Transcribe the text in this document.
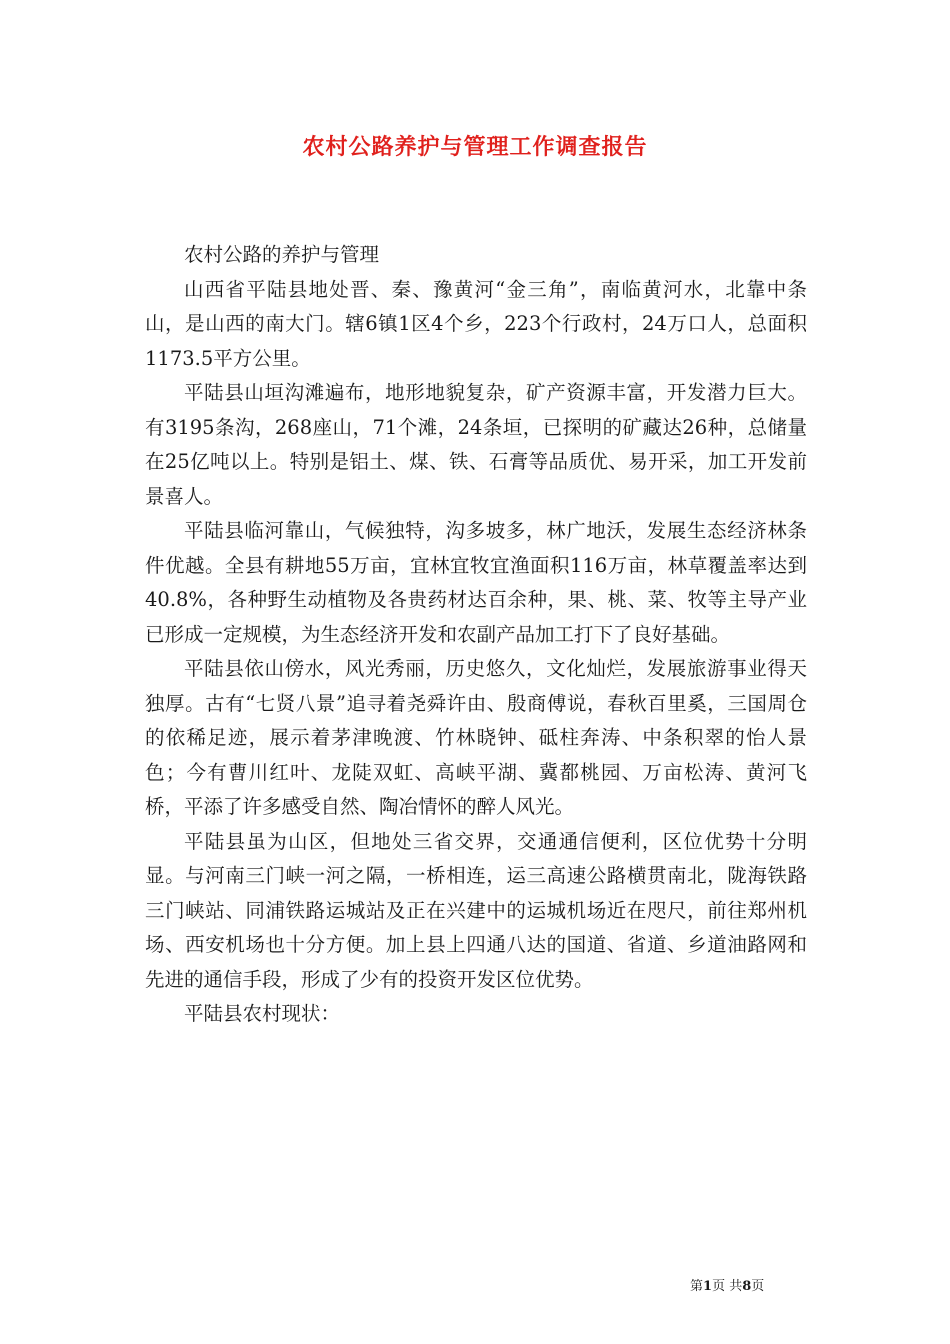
农村公路养护与管理工作调查报告

农村公路的养护与管理

山西省平陆县地处晋、秦、豫黄河“金三角”，南临黄河水，北靠中条山，是山西的南大门。辖6镇1区4个乡，223个行政村，24万口人，总面积1173.5平方公里。

平陆县山垣沟滩遍布，地形地貌复杂，矿产资源丰富，开发潜力巨大。有3195条沟，268座山，71个滩，24条垣，已探明的矿藏达26种，总储量在25亿吨以上。特别是铝土、煤、铁、石膏等品质优、易开采，加工开发前景喜人。

平陆县临河靠山，气候独特，沟多坡多，林广地沃，发展生态经济林条件优越。全县有耕地55万亩，宜林宜牧宜渔面积116万亩，林草覆盖率达到40.8%，各种野生动植物及各贵药材达百余种，果、桃、菜、牧等主导产业已形成一定规模，为生态经济开发和农副产品加工打下了良好基础。

平陆县依山傍水，风光秀丽，历史悠久，文化灿烂，发展旅游事业得天独厚。古有“七贤八景”追寻着尧舜许由、殷商傅说，春秋百里奚，三国周仓的依稀足迹，展示着茅津晚渡、竹林晓钟、砥柱奔涛、中条积翠的怡人景色；今有曹川红叶、龙陡双虹、高峡平湖、冀都桃园、万亩松涛、黄河飞桥，平添了许多感受自然、陶冶情怀的醉人风光。

平陆县虽为山区，但地处三省交界，交通通信便利，区位优势十分明显。与河南三门峡一河之隔，一桥相连，运三高速公路横贯南北，陇海铁路三门峡站、同浦铁路运城站及正在兴建中的运城机场近在咫尺，前往郑州机场、西安机场也十分方便。加上县上四通八达的国道、省道、乡道油路网和先进的通信手段，形成了少有的投资开发区位优势。

平陆县农村现状：

第1页 共8页
